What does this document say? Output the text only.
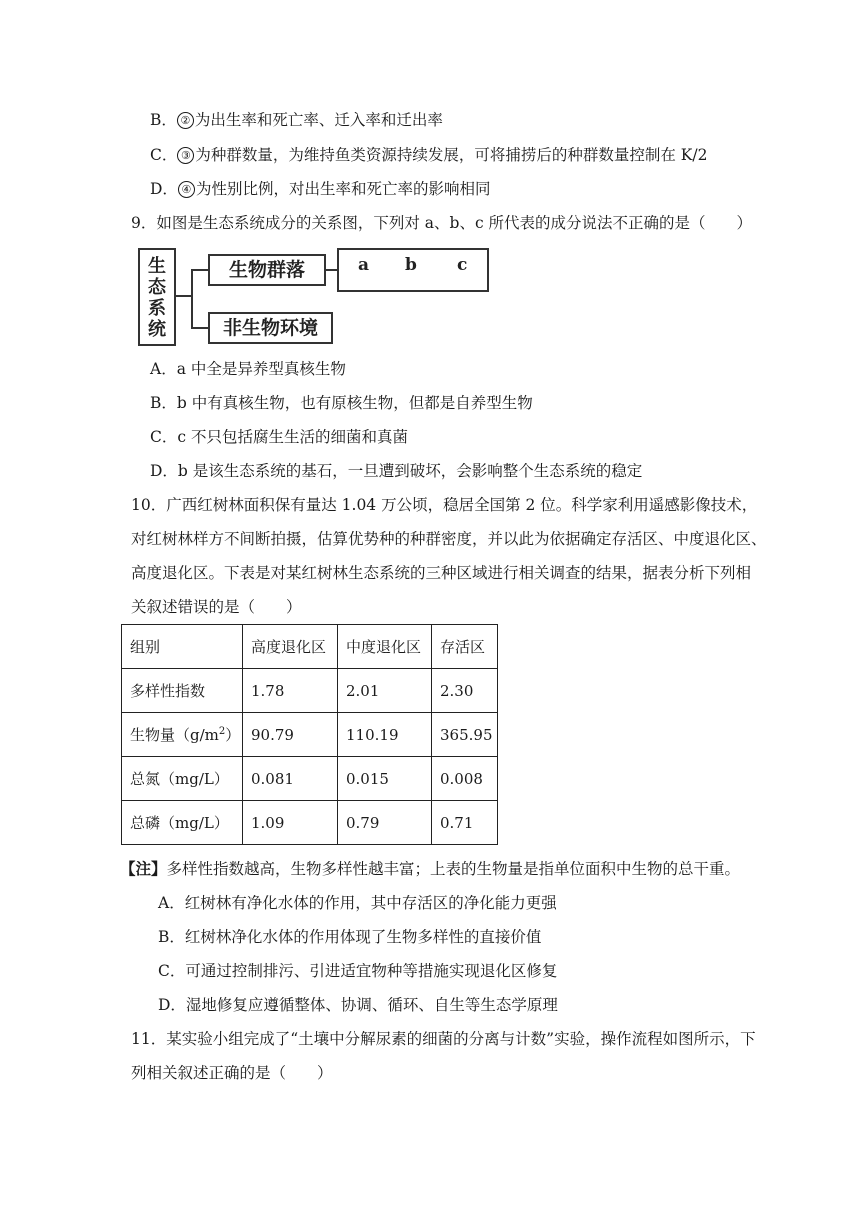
B． ② 为出生率和死亡率、迁入率和迁出率
C． ③ 为种群数量，为维持鱼类资源持续发展，可将捕捞后的种群数量控制在 K/2
D． ④ 为性别比例，对出生率和死亡率的影响相同
9．如图是生态系统成分的关系图，下列对 a、b、c 所代表的成分说法不正确的是（　　）
生
态
系
统
生物群落
非生物环境
a b c
A．a 中全是异养型真核生物
B．b 中有真核生物，也有原核生物，但都是自养型生物
C．c 不只包括腐生生活的细菌和真菌
D．b 是该生态系统的基石，一旦遭到破坏，会影响整个生态系统的稳定
10．广西红树林面积保有量达 1.04 万公顷，稳居全国第 2 位。科学家利用遥感影像技术，
对红树林样方不间断拍摄，估算优势种的种群密度，并以此为依据确定存活区、中度退化区、
高度退化区。下表是对某红树林生态系统的三种区域进行相关调查的结果，据表分析下列相
关叙述错误的是（　　）
组别	高度退化区	中度退化区	存活区
多样性指数	1.78	2.01	2.30
生物量$(g/m^2)$	90.79	110.19	365.95
总氮（mg/L）	0.081	0.015	0.008
总磷（mg/L）	1.09	0.79	0.71
【注】多样性指数越高，生物多样性越丰富；上表的生物量是指单位面积中生物的总干重。
A．红树林有净化水体的作用，其中存活区的净化能力更强
B．红树林净化水体的作用体现了生物多样性的直接价值
C．可通过控制排污、引进适宜物种等措施实现退化区修复
D．湿地修复应遵循整体、协调、循环、自生等生态学原理
11．某实验小组完成了“土壤中分解尿素的细菌的分离与计数”实验，操作流程如图所示，下
列相关叙述正确的是（　　）
